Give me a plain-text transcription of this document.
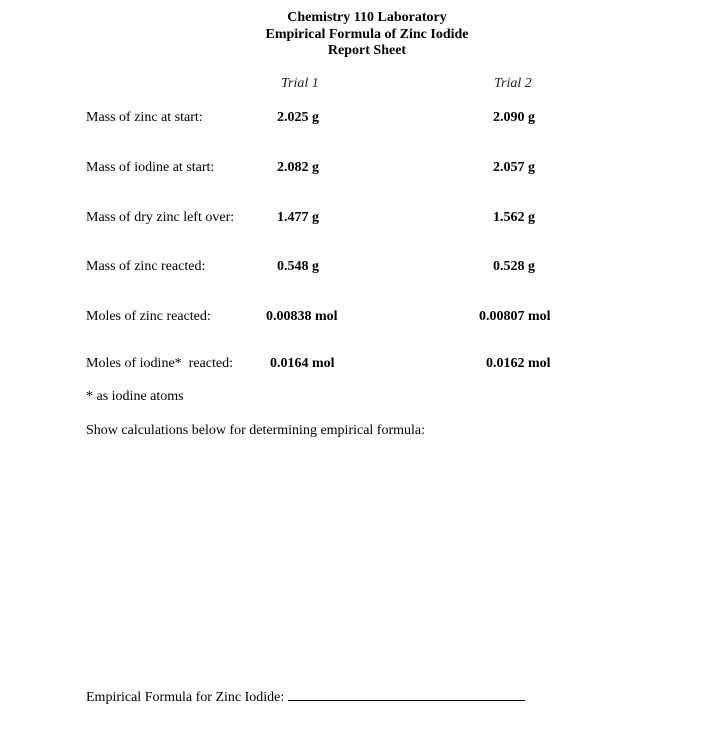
Chemistry 110 Laboratory
Empirical Formula of Zinc Iodide
Report Sheet
Trial 1	Trial 2
Mass of zinc at start:	2.025 g	2.090 g
Mass of iodine at start:	2.082 g	2.057 g
Mass of dry zinc left over:	1.477 g	1.562 g
Mass of zinc reacted:	0.548 g	0.528 g
Moles of zinc reacted:	0.00838 mol	0.00807 mol
Moles of iodine*  reacted:	0.0164 mol	0.0162 mol
* as iodine atoms
Show calculations below for determining empirical formula:
Empirical Formula for Zinc Iodide:
